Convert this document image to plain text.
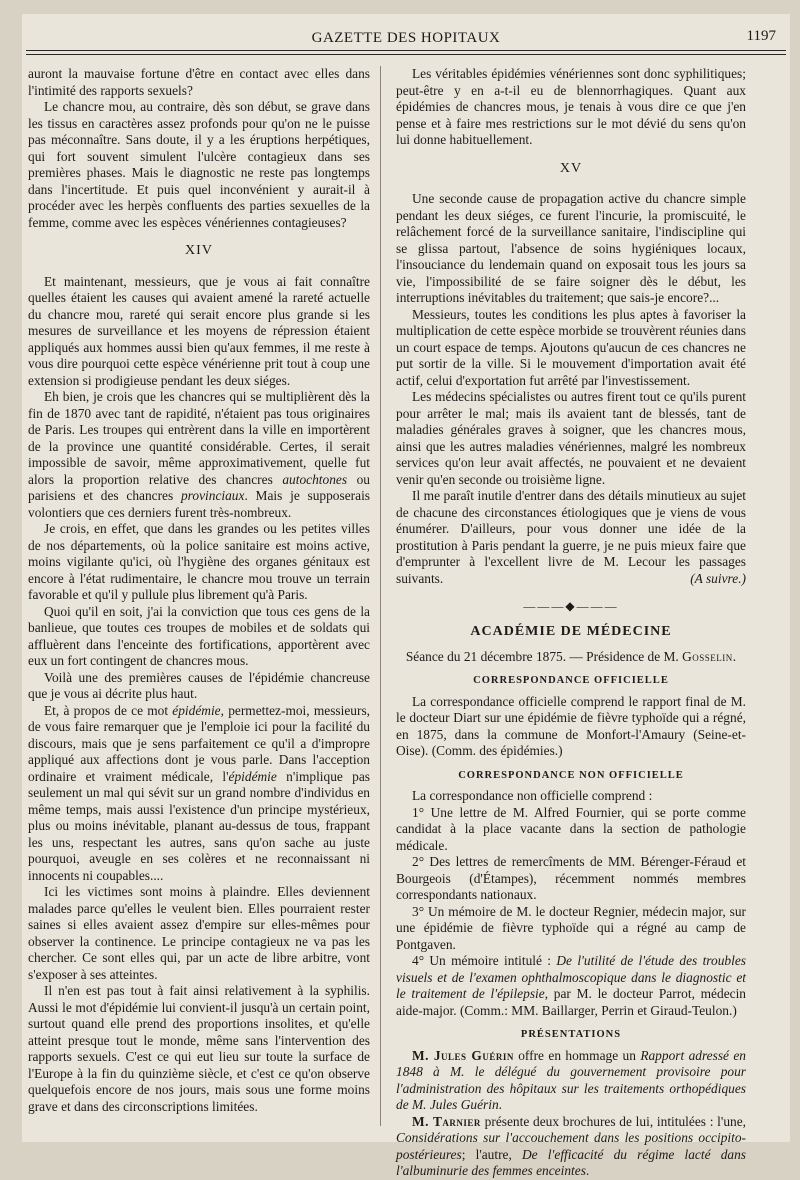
GAZETTE DES HOPITAUX	1197

auront la mauvaise fortune d'être en contact avec elles dans l'intimité des rapports sexuels?

Le chancre mou, au contraire, dès son début, se grave dans les tissus en caractères assez profonds pour qu'on ne le puisse pas méconnaître. Sans doute, il y a les éruptions herpétiques, qui fort souvent simulent l'ulcère contagieux dans ses premières phases. Mais le diagnostic ne reste pas longtemps dans l'incertitude. Et puis quel inconvénient y aurait-il à procéder avec les herpès confluents des parties sexuelles de la femme, comme avec les espèces vénériennes contagieuses?

XIV

Et maintenant, messieurs, que je vous ai fait connaître quelles étaient les causes qui avaient amené la rareté actuelle du chancre mou, rareté qui serait encore plus grande si les mesures de surveillance et les moyens de répression étaient appliqués aux hommes aussi bien qu'aux femmes, il me reste à vous dire pourquoi cette espèce vénérienne prit tout à coup une extension si prodigieuse pendant les deux siéges.

Eh bien, je crois que les chancres qui se multiplièrent dès la fin de 1870 avec tant de rapidité, n'étaient pas tous originaires de Paris. Les troupes qui entrèrent dans la ville en importèrent de la province une quantité considérable. Certes, il serait impossible de savoir, même approximativement, quelle fut alors la proportion relative des chancres autochtones ou parisiens et des chancres provinciaux. Mais je supposerais volontiers que ces derniers furent très-nombreux.

Je crois, en effet, que dans les grandes ou les petites villes de nos départements, où la police sanitaire est moins active, moins vigilante qu'ici, où l'hygiène des organes génitaux est encore à l'état rudimentaire, le chancre mou trouve un terrain favorable et qu'il y pullule plus librement qu'à Paris.

Quoi qu'il en soit, j'ai la conviction que tous ces gens de la banlieue, que toutes ces troupes de mobiles et de soldats qui affluèrent dans l'enceinte des fortifications, apportèrent avec eux un fort contingent de chancres mous.

Voilà une des premières causes de l'épidémie chancreuse que je vous ai décrite plus haut.

Et, à propos de ce mot épidémie, permettez-moi, messieurs, de vous faire remarquer que je l'emploie ici pour la facilité du discours, mais que je sens parfaitement ce qu'il a d'impropre appliqué aux affections dont je vous parle. Dans l'acception ordinaire et vraiment médicale, l'épidémie n'implique pas seulement un mal qui sévit sur un grand nombre d'individus en même temps, mais aussi l'existence d'un principe mystérieux, plus ou moins inévitable, planant au-dessus de tous, frappant les uns, respectant les autres, sans qu'on sache au juste pourquoi, aveugle en ses colères et ne reconnaissant ni innocents ni coupables....

Ici les victimes sont moins à plaindre. Elles deviennent malades parce qu'elles le veulent bien. Elles pourraient rester saines si elles avaient assez d'empire sur elles-mêmes pour observer la continence. Le principe contagieux ne va pas les chercher. Ce sont elles qui, par un acte de libre arbitre, vont s'exposer à ses atteintes.

Il n'en est pas tout à fait ainsi relativement à la syphilis. Aussi le mot d'épidémie lui convient-il jusqu'à un certain point, surtout quand elle prend des proportions insolites, et qu'elle atteint presque tout le monde, même sans l'intervention des rapports sexuels. C'est ce qui eut lieu sur toute la surface de l'Europe à la fin du quinzième siècle, et c'est ce qu'on observe quelquefois encore de nos jours, mais sous une forme moins grave et dans des circonscriptions limitées.

Les véritables épidémies vénériennes sont donc syphilitiques; peut-être y en a-t-il eu de blennorrhagiques. Quant aux épidémies de chancres mous, je tenais à vous dire ce que j'en pense et à faire mes restrictions sur le mot dévié du sens qu'on lui donne habituellement.

XV

Une seconde cause de propagation active du chancre simple pendant les deux siéges, ce furent l'incurie, la promiscuité, le relâchement forcé de la surveillance sanitaire, l'indiscipline qui se glissa partout, l'absence de soins hygiéniques locaux, l'insouciance du lendemain quand on exposait tous les jours sa vie, l'impossibilité de se faire soigner dès le début, les interruptions inévitables du traitement; que sais-je encore?...

Messieurs, toutes les conditions les plus aptes à favoriser la multiplication de cette espèce morbide se trouvèrent réunies dans un court espace de temps. Ajoutons qu'aucun de ces chancres ne put sortir de la ville. Si le mouvement d'importation avait été actif, celui d'exportation fut arrêté par l'investissement.

Les médecins spécialistes ou autres firent tout ce qu'ils purent pour arrêter le mal; mais ils avaient tant de blessés, tant de maladies générales graves à soigner, que les chancres mous, ainsi que les autres maladies vénériennes, malgré les nombreux services qu'on leur avait affectés, ne pouvaient et ne devaient venir qu'en seconde ou troisième ligne.

Il me paraît inutile d'entrer dans des détails minutieux au sujet de chacune des circonstances étiologiques que je viens de vous énumérer. D'ailleurs, pour vous donner une idée de la prostitution à Paris pendant la guerre, je ne puis mieux faire que d'emprunter à l'excellent livre de M. Lecour les passages suivants.	(A suivre.)
———◆———
ACADÉMIE DE MÉDECINE
Séance du 21 décembre 1875. — Présidence de M. Gosselin.
CORRESPONDANCE OFFICIELLE

La correspondance officielle comprend le rapport final de M. le docteur Diart sur une épidémie de fièvre typhoïde qui a régné, en 1875, dans la commune de Monfort-l'Amaury (Seine-et-Oise). (Comm. des épidémies.)

CORRESPONDANCE NON OFFICIELLE

La correspondance non officielle comprend :

1° Une lettre de M. Alfred Fournier, qui se porte comme candidat à la place vacante dans la section de pathologie médicale.

2° Des lettres de remercîments de MM. Bérenger-Féraud et Bourgeois (d'Étampes), récemment nommés membres correspondants nationaux.

3° Un mémoire de M. le docteur Regnier, médecin major, sur une épidémie de fièvre typhoïde qui a régné au camp de Pontgaven.

4° Un mémoire intitulé : De l'utilité de l'étude des troubles visuels et de l'examen ophthalmoscopique dans le diagnostic et le traitement de l'épilepsie, par M. le docteur Parrot, médecin aide-major. (Comm.: MM. Baillarger, Perrin et Giraud-Teulon.)

PRÉSENTATIONS

M. Jules Guérin offre en hommage un Rapport adressé en 1848 à M. le délégué du gouvernement provisoire pour l'administration des hôpitaux sur les traitements orthopédiques de M. Jules Guérin.

M. Tarnier présente deux brochures de lui, intitulées : l'une, Considérations sur l'accouchement dans les positions occipito-postérieures; l'autre, De l'efficacité du régime lacté dans l'albuminurie des femmes enceintes.
